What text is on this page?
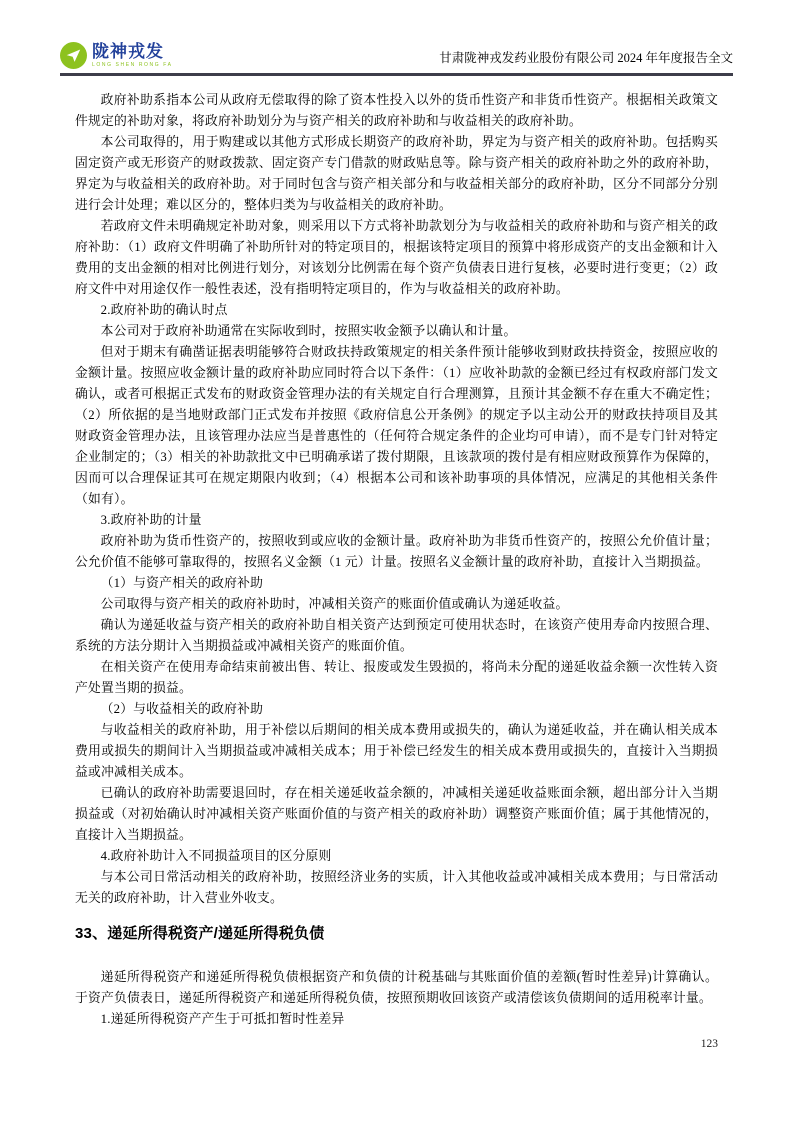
陇神戎发
LONG SHEN RONG FA
甘肃陇神戎发药业股份有限公司 2024 年年度报告全文

政府补助系指本公司从政府无偿取得的除了资本性投入以外的货币性资产和非货币性资产。根据相关政策文件规定的补助对象，将政府补助划分为与资产相关的政府补助和与收益相关的政府补助。

本公司取得的，用于购建或以其他方式形成长期资产的政府补助，界定为与资产相关的政府补助。包括购买固定资产或无形资产的财政拨款、固定资产专门借款的财政贴息等。除与资产相关的政府补助之外的政府补助，界定为与收益相关的政府补助。对于同时包含与资产相关部分和与收益相关部分的政府补助，区分不同部分分别进行会计处理；难以区分的，整体归类为与收益相关的政府补助。

若政府文件未明确规定补助对象，则采用以下方式将补助款划分为与收益相关的政府补助和与资产相关的政府补助：（1）政府文件明确了补助所针对的特定项目的，根据该特定项目的预算中将形成资产的支出金额和计入费用的支出金额的相对比例进行划分，对该划分比例需在每个资产负债表日进行复核，必要时进行变更；（2）政府文件中对用途仅作一般性表述，没有指明特定项目的，作为与收益相关的政府补助。

2.政府补助的确认时点

本公司对于政府补助通常在实际收到时，按照实收金额予以确认和计量。

但对于期末有确凿证据表明能够符合财政扶持政策规定的相关条件预计能够收到财政扶持资金，按照应收的金额计量。按照应收金额计量的政府补助应同时符合以下条件：（1）应收补助款的金额已经过有权政府部门发文确认，或者可根据正式发布的财政资金管理办法的有关规定自行合理测算，且预计其金额不存在重大不确定性；（2）所依据的是当地财政部门正式发布并按照《政府信息公开条例》的规定予以主动公开的财政扶持项目及其财政资金管理办法，且该管理办法应当是普惠性的（任何符合规定条件的企业均可申请），而不是专门针对特定企业制定的；（3）相关的补助款批文中已明确承诺了拨付期限，且该款项的拨付是有相应财政预算作为保障的，因而可以合理保证其可在规定期限内收到；（4）根据本公司和该补助事项的具体情况，应满足的其他相关条件（如有）。

3.政府补助的计量

政府补助为货币性资产的，按照收到或应收的金额计量。政府补助为非货币性资产的，按照公允价值计量；公允价值不能够可靠取得的，按照名义金额（1 元）计量。按照名义金额计量的政府补助，直接计入当期损益。

（1）与资产相关的政府补助

公司取得与资产相关的政府补助时，冲减相关资产的账面价值或确认为递延收益。

确认为递延收益与资产相关的政府补助自相关资产达到预定可使用状态时，在该资产使用寿命内按照合理、系统的方法分期计入当期损益或冲减相关资产的账面价值。

在相关资产在使用寿命结束前被出售、转让、报废或发生毁损的，将尚未分配的递延收益余额一次性转入资产处置当期的损益。

（2）与收益相关的政府补助

与收益相关的政府补助，用于补偿以后期间的相关成本费用或损失的，确认为递延收益，并在确认相关成本费用或损失的期间计入当期损益或冲减相关成本；用于补偿已经发生的相关成本费用或损失的，直接计入当期损益或冲减相关成本。

已确认的政府补助需要退回时，存在相关递延收益余额的，冲减相关递延收益账面余额，超出部分计入当期损益或（对初始确认时冲减相关资产账面价值的与资产相关的政府补助）调整资产账面价值；属于其他情况的，直接计入当期损益。

4.政府补助计入不同损益项目的区分原则

与本公司日常活动相关的政府补助，按照经济业务的实质，计入其他收益或冲减相关成本费用；与日常活动无关的政府补助，计入营业外收支。

33、递延所得税资产/递延所得税负债

递延所得税资产和递延所得税负债根据资产和负债的计税基础与其账面价值的差额(暂时性差异)计算确认。于资产负债表日，递延所得税资产和递延所得税负债，按照预期收回该资产或清偿该负债期间的适用税率计量。

1.递延所得税资产产生于可抵扣暂时性差异

123
